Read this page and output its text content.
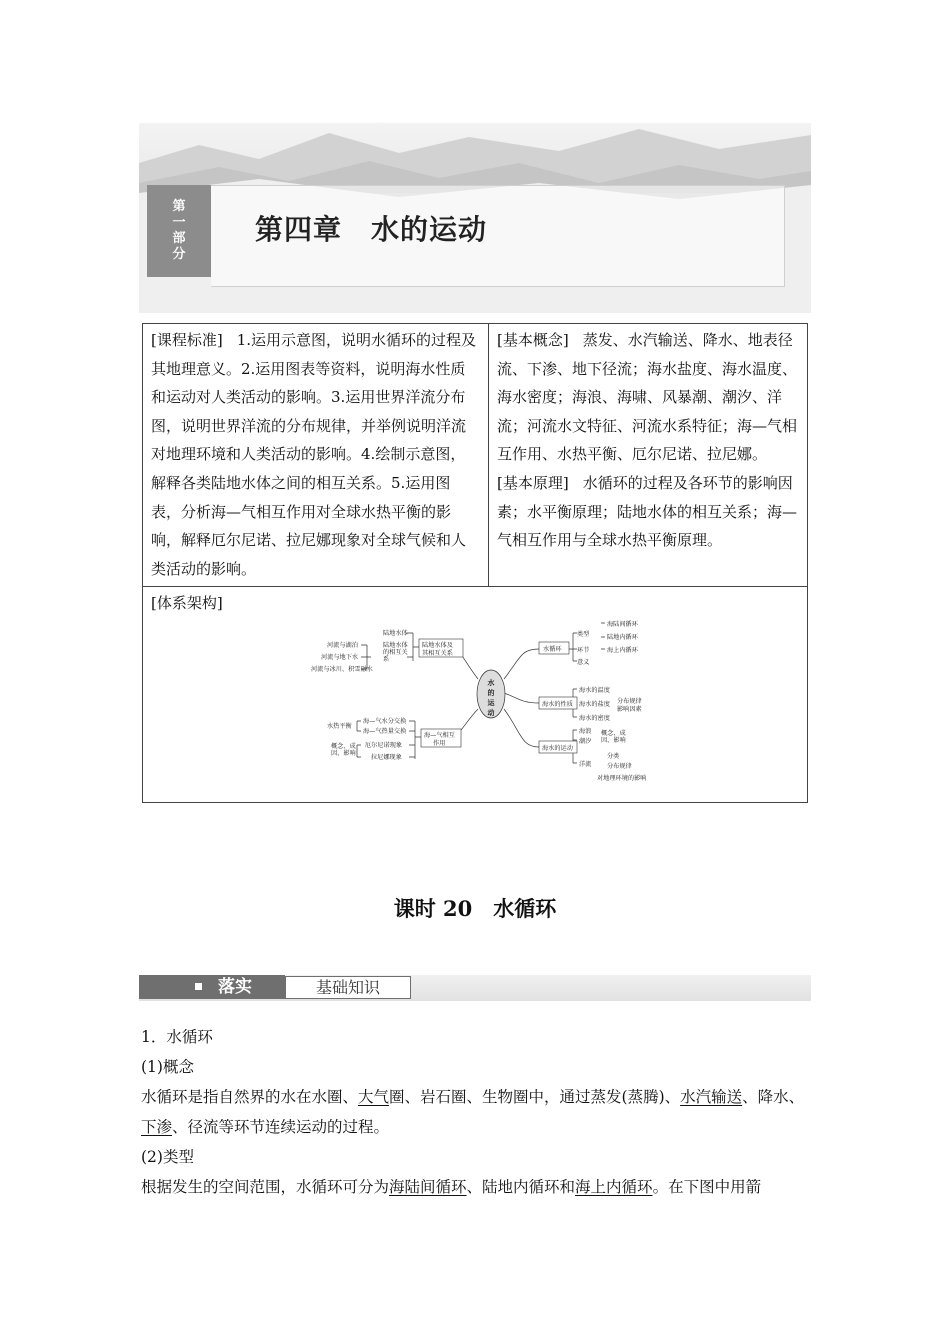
第一部分
第四章　水的运动
[课程标准] 1.运用示意图，说明水循环的过程及其地理意义。2.运用图表等资料，说明海水性质和运动对人类活动的影响。3.运用世界洋流分布图，说明世界洋流的分布规律，并举例说明洋流对地理环境和人类活动的影响。4.绘制示意图，解释各类陆地水体之间的相互关系。5.运用图表，分析海—气相互作用对全球水热平衡的影响，解释厄尔尼诺、拉尼娜现象对全球气候和人类活动的影响。	
[基本概念] 蒸发、水汽输送、降水、地表径流、下渗、地下径流；海水盐度、海水温度、海水密度；海浪、海啸、风暴潮、潮汐、洋流；河流水文特征、河流水系特征；海—气相互作用、水热平衡、厄尔尼诺、拉尼娜。
[基本原理] 水循环的过程及各环节的影响因素；水平衡原理；陆地水体的相互关系；海—气相互作用与全球水热平衡原理。

[体系架构]
水
的
运
动
陆地水体及
其相互关系
陆地水体
陆地水体
的相互关
系
河流与湖泊
河流与地下水
河流与冰川、积雪融水
海—气相互
作用
海—气水分交换
海—气热量交换
厄尔尼诺现象
拉尼娜现象
水热平衡
概念、成
因、影响
水循环
类型
环节
意义
海陆间循环
陆地内循环
海上内循环
海水的性质
海水的温度
海水的盐度
海水的密度
分布规律
影响因素
海水的运动
海浪
潮汐
洋流
概念、成
因、影响
分类
分布规律
对地理环境的影响
课时 20　水循环
落实	基础知识

1．水循环

(1)概念

水循环是指自然界的水在水圈、大气圈、岩石圈、生物圈中，通过蒸发(蒸腾)、水汽输送、降水、下渗、径流等环节连续运动的过程。

(2)类型

根据发生的空间范围，水循环可分为海陆间循环、陆地内循环和海上内循环。在下图中用箭
